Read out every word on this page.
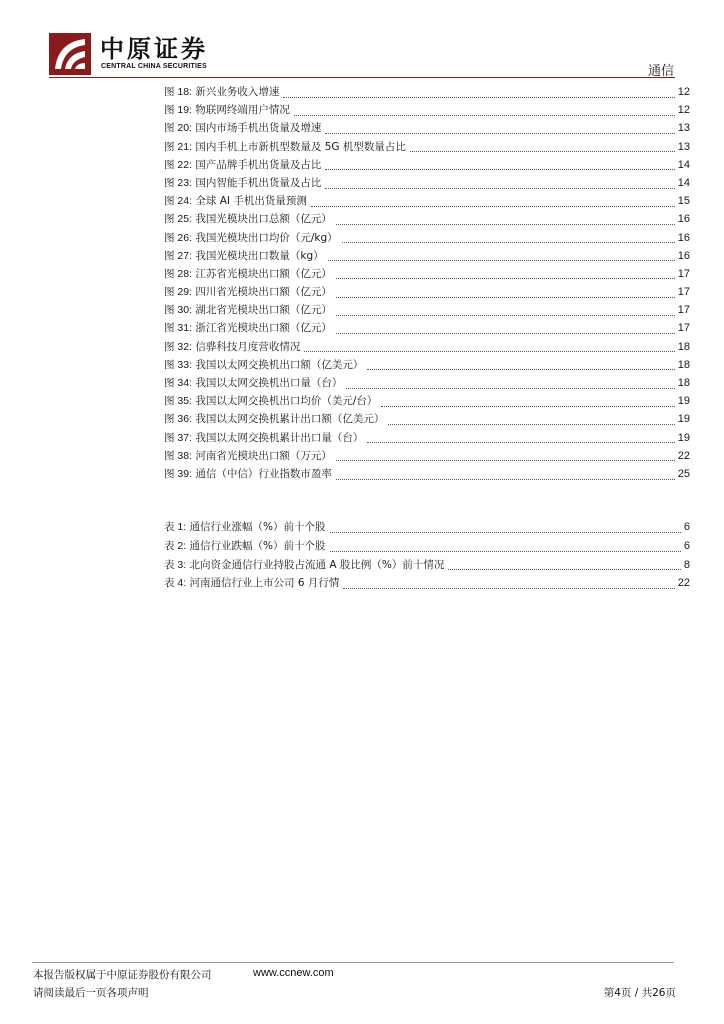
中原证券
CENTRAL CHINA SECURITIES	通信
图 18: 新兴业务收入增速	12
图 19: 物联网终端用户情况	12
图 20: 国内市场手机出货量及增速	13
图 21: 国内手机上市新机型数量及 5G 机型数量占比	13
图 22: 国产品牌手机出货量及占比	14
图 23: 国内智能手机出货量及占比	14
图 24: 全球 AI 手机出货量预测	15
图 25: 我国光模块出口总额（亿元）	16
图 26: 我国光模块出口均价（元/kg）	16
图 27: 我国光模块出口数量（kg）	16
图 28: 江苏省光模块出口额（亿元）	17
图 29: 四川省光模块出口额（亿元）	17
图 30: 湖北省光模块出口额（亿元）	17
图 31: 浙江省光模块出口额（亿元）	17
图 32: 信骅科技月度营收情况	18
图 33: 我国以太网交换机出口额（亿美元）	18
图 34: 我国以太网交换机出口量（台）	18
图 35: 我国以太网交换机出口均价（美元/台）	19
图 36: 我国以太网交换机累计出口额（亿美元）	19
图 37: 我国以太网交换机累计出口量（台）	19
图 38: 河南省光模块出口额（万元）	22
图 39: 通信（中信）行业指数市盈率	25
表 1: 通信行业涨幅（%）前十个股	6
表 2: 通信行业跌幅（%）前十个股	6
表 3: 北向资金通信行业持股占流通 A 股比例（%）前十情况	8
表 4: 河南通信行业上市公司 6 月行情	22
本报告版权属于中原证券股份有限公司	www.ccnew.com
请阅读最后一页各项声明	第4页 / 共26页
